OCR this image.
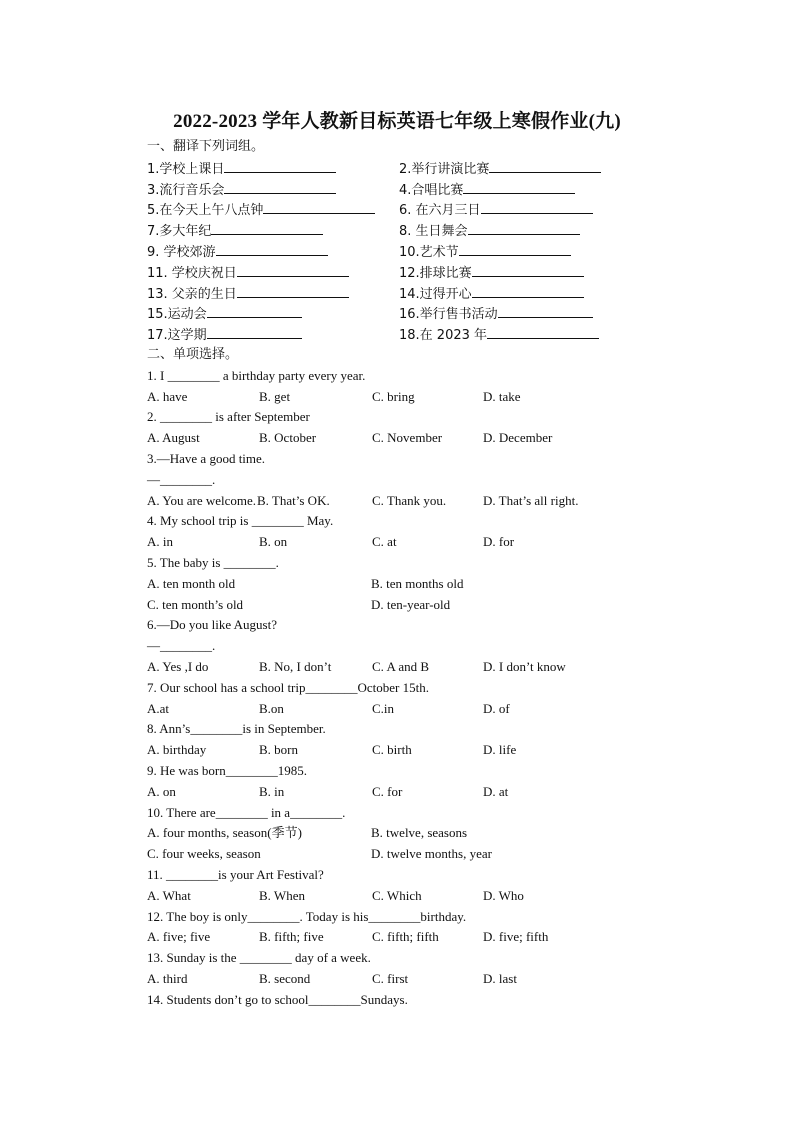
2022-2023 学年人教新目标英语七年级上寒假作业(九)
一、翻译下列词组。
1.学校上课日	2.举行讲演比赛
3.流行音乐会	4.合唱比赛
5.在今天上午八点钟	6. 在六月三日
7.多大年纪	8. 生日舞会
9. 学校郊游	10.艺术节
11. 学校庆祝日	12.排球比赛
13. 父亲的生日	14.过得开心
15.运动会	16.举行售书活动
17.这学期	18.在 2023 年
二、单项选择。
1. I ________ a birthday party every year.
A. have	B. get	C. bring	D. take
2. ________ is after September
A. August	B. October	C. November	D. December
3.—Have a good time.
—________.
A. You are welcome. B. That’s OK.	C. Thank you.	D. That’s all right.
4. My school trip is ________ May.
A. in	B. on	C. at	D. for
5. The baby is ________.
A. ten month old	B. ten months old
C. ten month’s old	D. ten-year-old
6.—Do you like August?
—________.
A. Yes ,I do	B. No, I don’t	C. A and B	D. I don’t know
7. Our school has a school trip________October 15th.
A.at	B.on	C.in	D. of
8. Ann’s________is in September.
A. birthday	B. born	C. birth	D. life
9. He was born________1985.
A. on	B. in	C. for	D. at
10. There are________ in a________.
A. four months, season(季节)	B. twelve, seasons
C. four weeks, season	D. twelve months, year
11. ________is your Art Festival?
A. What	B. When	C. Which	D. Who
12. The boy is only________. Today is his________birthday.
A. five; five	B. fifth; five	C. fifth; fifth	D. five; fifth
13. Sunday is the ________ day of a week.
A. third	B. second	C. first	D. last
14. Students don’t go to school________Sundays.
